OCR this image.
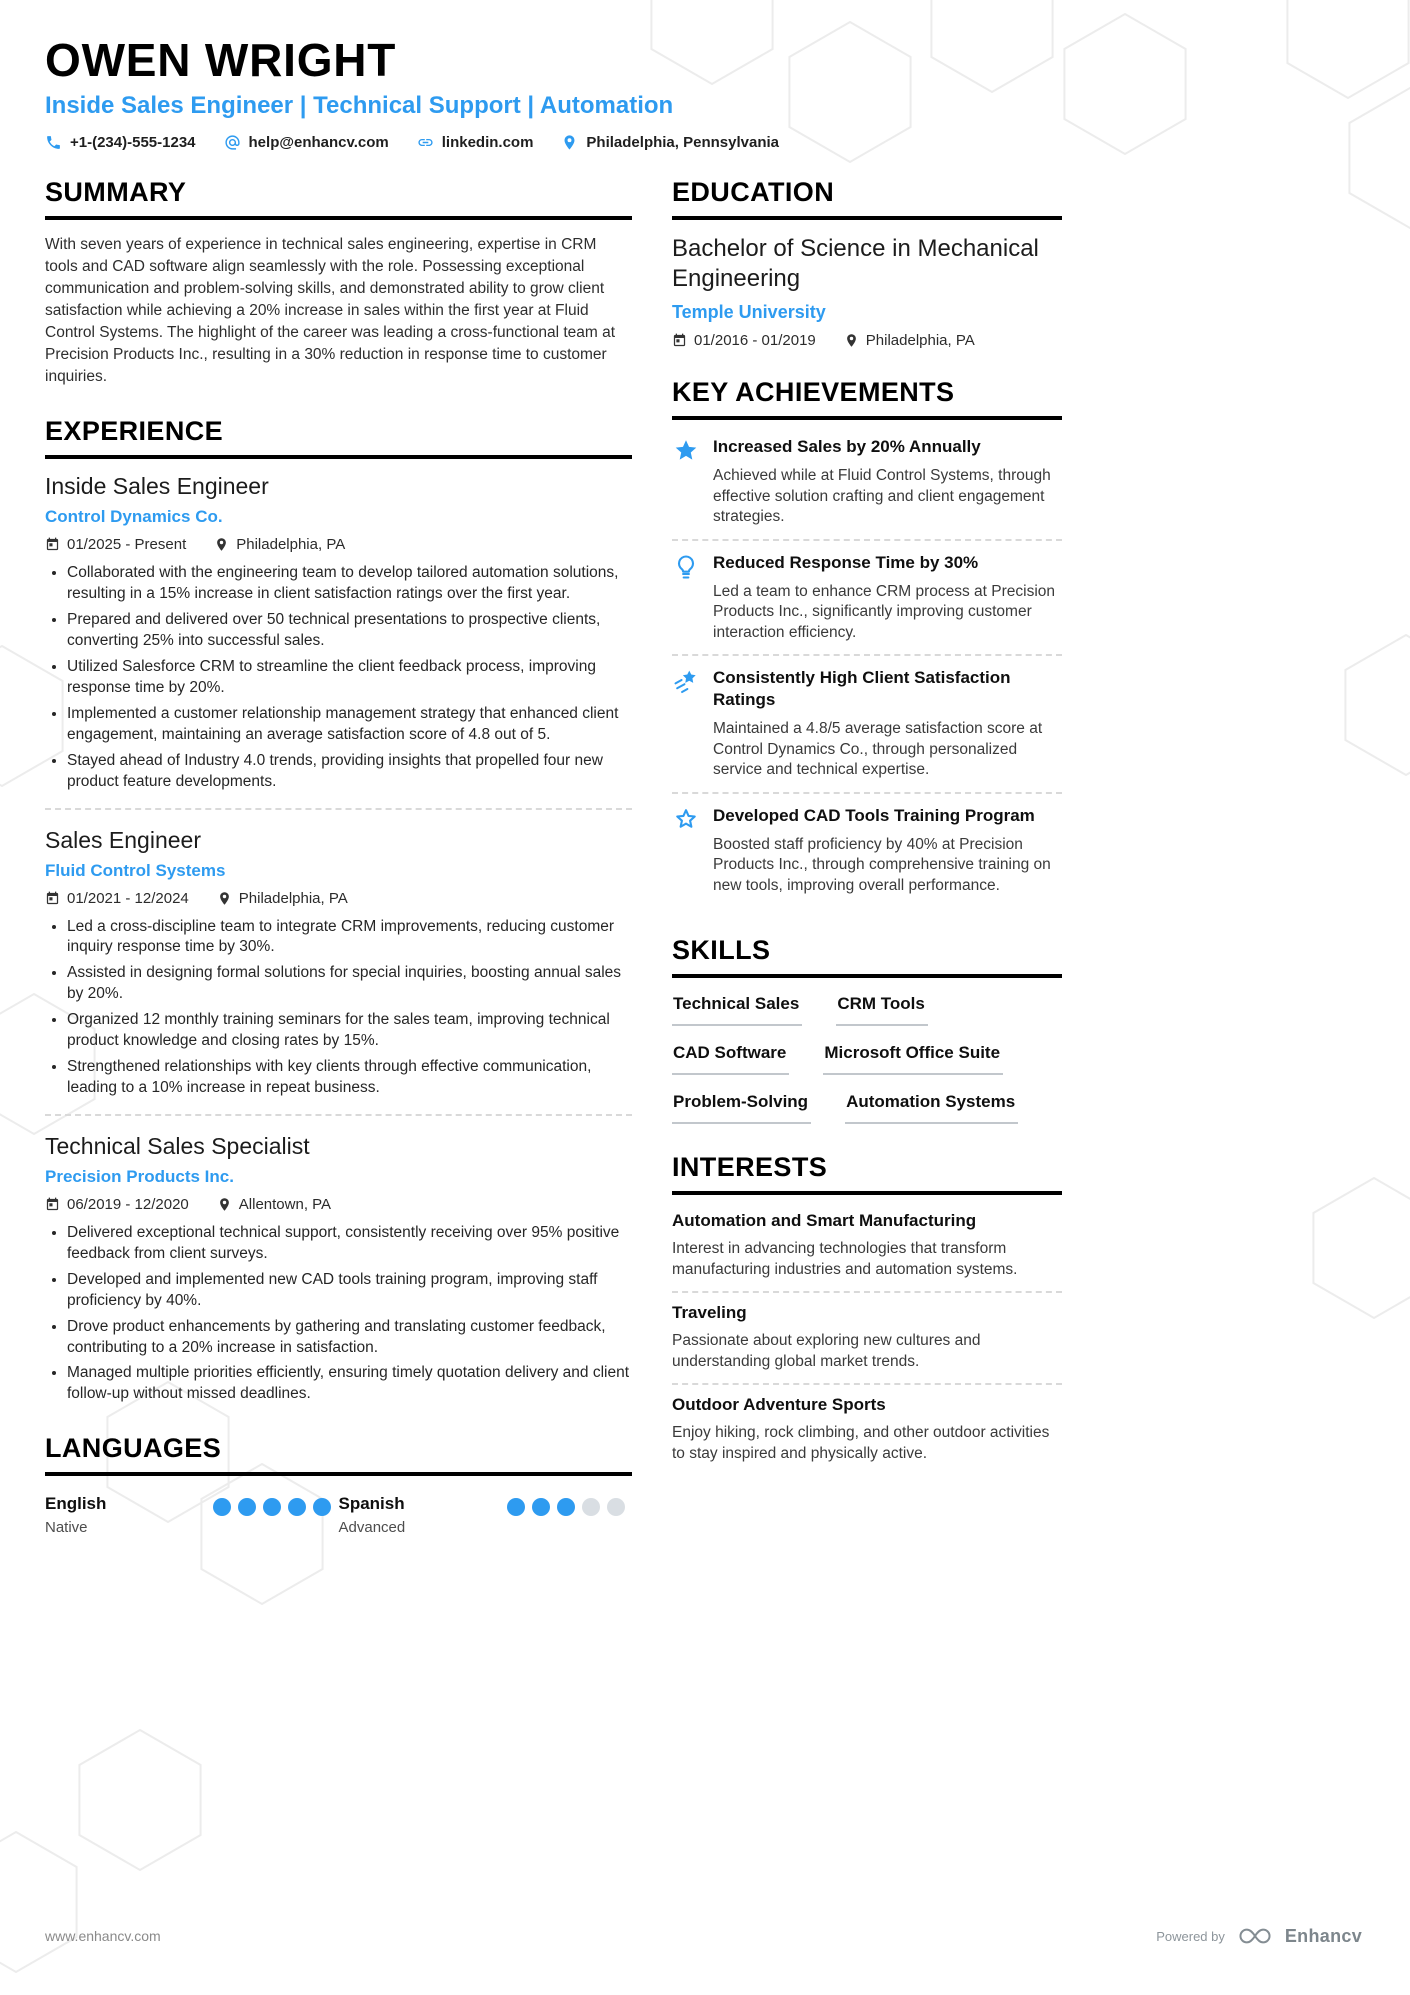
OWEN WRIGHT
Inside Sales Engineer | Technical Support | Automation
+1-(234)-555-1234	help@enhancv.com	linkedin.com	Philadelphia, Pennsylvania
SUMMARY

With seven years of experience in technical sales engineering, expertise in CRM tools and CAD software align seamlessly with the role. Possessing exceptional communication and problem-solving skills, and demonstrated ability to grow client satisfaction while achieving a 20% increase in sales within the first year at Fluid Control Systems. The highlight of the career was leading a cross-functional team at Precision Products Inc., resulting in a 30% reduction in response time to customer inquiries.

EXPERIENCE
Inside Sales Engineer
Control Dynamics Co.
01/2025 - Present	Philadelphia, PA
• Collaborated with the engineering team to develop tailored automation solutions, resulting in a 15% increase in client satisfaction ratings over the first year.
• Prepared and delivered over 50 technical presentations to prospective clients, converting 25% into successful sales.
• Utilized Salesforce CRM to streamline the client feedback process, improving response time by 20%.
• Implemented a customer relationship management strategy that enhanced client engagement, maintaining an average satisfaction score of 4.8 out of 5.
• Stayed ahead of Industry 4.0 trends, providing insights that propelled four new product feature developments.
Sales Engineer
Fluid Control Systems
01/2021 - 12/2024	Philadelphia, PA
• Led a cross-discipline team to integrate CRM improvements, reducing customer inquiry response time by 30%.
• Assisted in designing formal solutions for special inquiries, boosting annual sales by 20%.
• Organized 12 monthly training seminars for the sales team, improving technical product knowledge and closing rates by 15%.
• Strengthened relationships with key clients through effective communication, leading to a 10% increase in repeat business.
Technical Sales Specialist
Precision Products Inc.
06/2019 - 12/2020	Allentown, PA
• Delivered exceptional technical support, consistently receiving over 95% positive feedback from client surveys.
• Developed and implemented new CAD tools training program, improving staff proficiency by 40%.
• Drove product enhancements by gathering and translating customer feedback, contributing to a 20% increase in satisfaction.
• Managed multiple priorities efficiently, ensuring timely quotation delivery and client follow-up without missed deadlines.
LANGUAGES
English
Native
Spanish
Advanced
EDUCATION
Bachelor of Science in Mechanical Engineering
Temple University
01/2016 - 01/2019	Philadelphia, PA
KEY ACHIEVEMENTS
Increased Sales by 20% Annually
Achieved while at Fluid Control Systems, through effective solution crafting and client engagement strategies.
Reduced Response Time by 30%
Led a team to enhance CRM process at Precision Products Inc., significantly improving customer interaction efficiency.
Consistently High Client Satisfaction Ratings
Maintained a 4.8/5 average satisfaction score at Control Dynamics Co., through personalized service and technical expertise.
Developed CAD Tools Training Program
Boosted staff proficiency by 40% at Precision Products Inc., through comprehensive training on new tools, improving overall performance.
SKILLS
Technical Sales CRM Tools
CAD Software Microsoft Office Suite
Problem-Solving Automation Systems
INTERESTS
Automation and Smart Manufacturing
Interest in advancing technologies that transform manufacturing industries and automation systems.
Traveling
Passionate about exploring new cultures and understanding global market trends.
Outdoor Adventure Sports
Enjoy hiking, rock climbing, and other outdoor activities to stay inspired and physically active.
www.enhancv.com	Powered by	Enhancv
